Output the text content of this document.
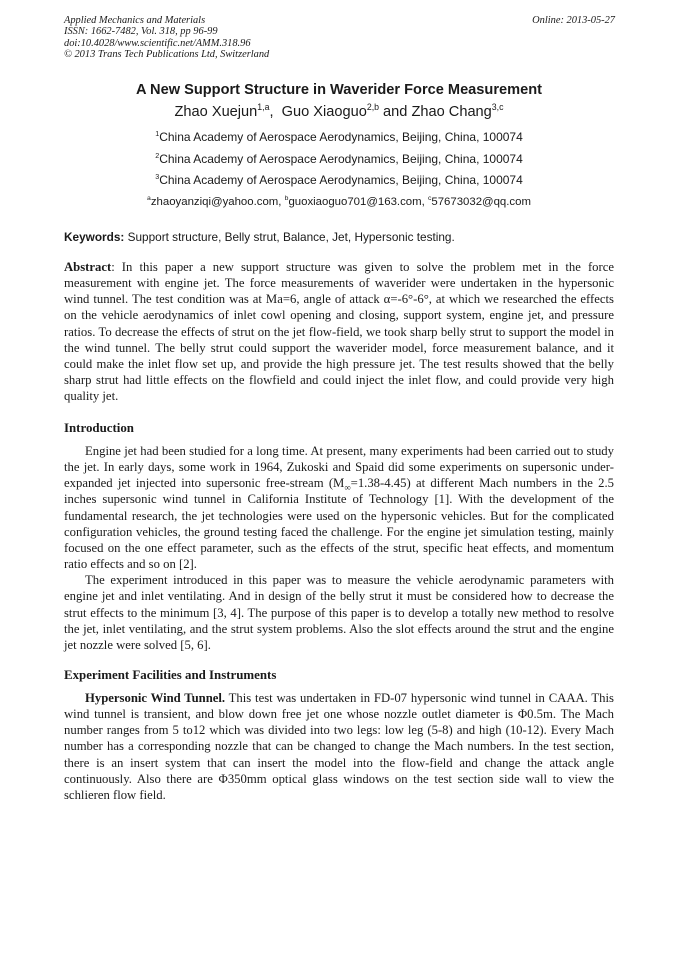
Applied Mechanics and Materials
ISSN: 1662-7482, Vol. 318, pp 96-99
doi:10.4028/www.scientific.net/AMM.318.96
© 2013 Trans Tech Publications Ltd, Switzerland
Online: 2013-05-27
A New Support Structure in Waverider Force Measurement
Zhao Xuejun$^{1,a}$,  Guo Xiaoguo$^{2,b}$ and Zhao Chang$^{3,c}$
$^1$China Academy of Aerospace Aerodynamics, Beijing, China, 100074
$^2$China Academy of Aerospace Aerodynamics, Beijing, China, 100074
$^3$China Academy of Aerospace Aerodynamics, Beijing, China, 100074
$^a$zhaoyanziqi@yahoo.com, $^b$guoxiaoguo701@163.com, $^c$57673032@qq.com
Keywords: Support structure, Belly strut, Balance, Jet, Hypersonic testing.

Abstract: In this paper a new support structure was given to solve the problem met in the force measurement with engine jet. The force measurements of waverider were undertaken in the hypersonic wind tunnel. The test condition was at Ma=6, angle of attack α=-6°-6°, at which we researched the effects on the vehicle aerodynamics of inlet cowl opening and closing, support system, engine jet, and pressure ratios. To decrease the effects of strut on the jet flow-field, we took sharp belly strut to support the model in the wind tunnel. The belly strut could support the waverider model, force measurement balance, and it could make the inlet flow set up, and provide the high pressure jet. The test results showed that the belly sharp strut had little effects on the flowfield and could inject the inlet flow, and could provide very high quality jet.

Introduction

Engine jet had been studied for a long time. At present, many experiments had been carried out to study the jet. In early days, some work in 1964, Zukoski and Spaid did some experiments on supersonic under-expanded jet injected into supersonic free-stream $(M_\infty=1.38-4.45)$ at different Mach numbers in the 2.5 inches supersonic wind tunnel in California Institute of Technology [1]. With the development of the fundamental research, the jet technologies were used on the hypersonic vehicles. But for the complicated configuration vehicles, the ground testing faced the challenge. For the engine jet simulation testing, mainly focused on the one effect parameter, such as the effects of the strut, specific heat effects, and momentum ratio effects and so on [2].

The experiment introduced in this paper was to measure the vehicle aerodynamic parameters with engine jet and inlet ventilating. And in design of the belly strut it must be considered how to decrease the strut effects to the minimum [3, 4]. The purpose of this paper is to develop a totally new method to resolve the jet, inlet ventilating, and the strut system problems. Also the slot effects around the strut and the engine jet nozzle were solved [5, 6].

Experiment Facilities and Instruments

Hypersonic Wind Tunnel. This test was undertaken in FD-07 hypersonic wind tunnel in CAAA. This wind tunnel is transient, and blow down free jet one whose nozzle outlet diameter is Φ0.5m. The Mach number ranges from 5 to12 which was divided into two legs: low leg (5-8) and high (10-12). Every Mach number has a corresponding nozzle that can be changed to change the Mach numbers. In the test section, there is an insert system that can insert the model into the flow-field and change the attack angle continuously. Also there are Φ350mm optical glass windows on the test section side wall to view the schlieren flow field.
